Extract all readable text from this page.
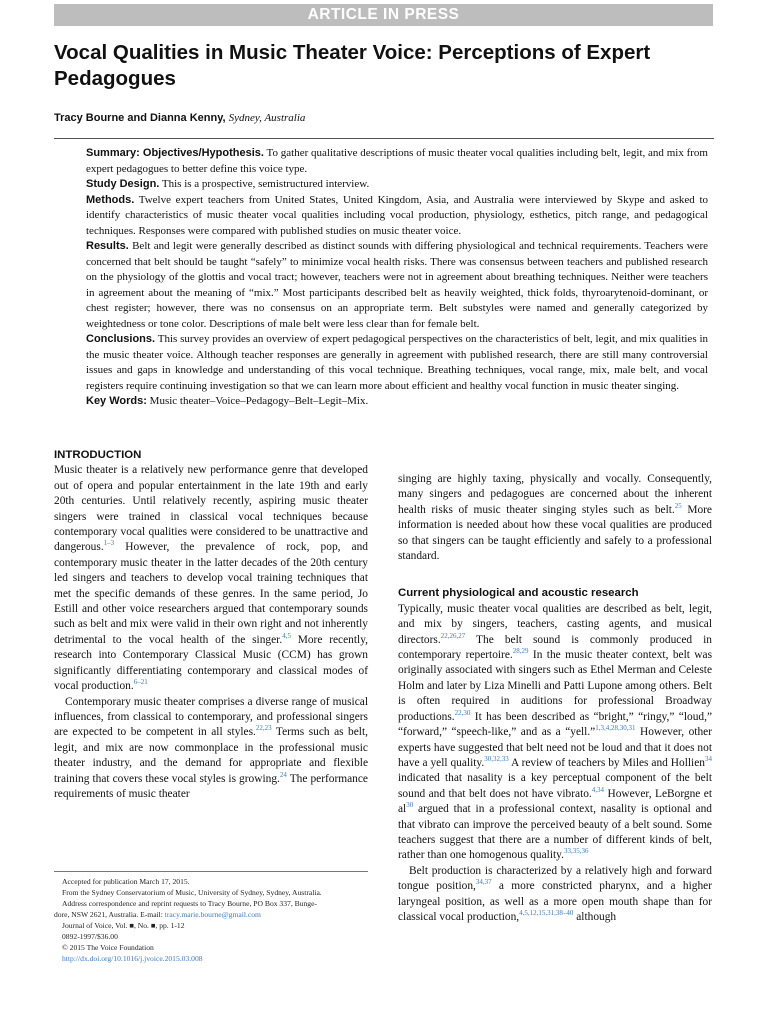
ARTICLE IN PRESS
Vocal Qualities in Music Theater Voice: Perceptions of Expert Pedagogues
Tracy Bourne and Dianna Kenny, Sydney, Australia

Summary: Objectives/Hypothesis. To gather qualitative descriptions of music theater vocal qualities including belt, legit, and mix from expert pedagogues to better define this voice type.

Study Design. This is a prospective, semistructured interview.

Methods. Twelve expert teachers from United States, United Kingdom, Asia, and Australia were interviewed by Skype and asked to identify characteristics of music theater vocal qualities including vocal production, physiology, esthetics, pitch range, and pedagogical techniques. Responses were compared with published studies on music theater voice.

Results. Belt and legit were generally described as distinct sounds with differing physiological and technical requirements. Teachers were concerned that belt should be taught “safely” to minimize vocal health risks. There was consensus between teachers and published research on the physiology of the glottis and vocal tract; however, teachers were not in agreement about breathing techniques. Neither were teachers in agreement about the meaning of “mix.” Most participants described belt as heavily weighted, thick folds, thyroarytenoid-dominant, or chest register; however, there was no consensus on an appropriate term. Belt substyles were named and generally categorized by weightedness or tone color. Descriptions of male belt were less clear than for female belt.

Conclusions. This survey provides an overview of expert pedagogical perspectives on the characteristics of belt, legit, and mix qualities in the music theater voice. Although teacher responses are generally in agreement with published research, there are still many controversial issues and gaps in knowledge and understanding of this vocal technique. Breathing techniques, vocal range, mix, male belt, and vocal registers require continuing investigation so that we can learn more about efficient and healthy vocal function in music theater singing.

Key Words: Music theater–Voice–Pedagogy–Belt–Legit–Mix.

INTRODUCTION

Music theater is a relatively new performance genre that developed out of opera and popular entertainment in the late 19th and early 20th centuries. Until relatively recently, aspiring music theater singers were trained in classical vocal techniques because contemporary vocal qualities were considered to be unattractive and dangerous.$^{1-3}$ However, the prevalence of rock, pop, and contemporary music theater in the latter decades of the 20th century led singers and teachers to develop vocal training techniques that met the specific demands of these genres. In the same period, Jo Estill and other voice researchers argued that contemporary sounds such as belt and mix were valid in their own right and not inherently detrimental to the vocal health of the singer.$^{4,5}$ More recently, research into Contemporary Classical Music (CCM) has grown significantly differentiating contemporary and classical modes of vocal production.$^{6-21}$

Contemporary music theater comprises a diverse range of musical influences, from classical to contemporary, and professional singers are expected to be competent in all styles.$^{22,23}$ Terms such as belt, legit, and mix are now commonplace in the professional music theater industry, and the demand for appropriate and flexible training that covers these vocal styles is growing.$^{24}$ The performance requirements of music theater

singing are highly taxing, physically and vocally. Consequently, many singers and pedagogues are concerned about the inherent health risks of music theater singing styles such as belt.$^{25}$ More information is needed about how these vocal qualities are produced so that singers can be taught efficiently and safely to a professional standard.

Current physiological and acoustic research

Typically, music theater vocal qualities are described as belt, legit, and mix by singers, teachers, casting agents, and musical directors.$^{22,26,27}$ The belt sound is commonly produced in contemporary repertoire.$^{28,29}$ In the music theater context, belt was originally associated with singers such as Ethel Merman and Celeste Holm and later by Liza Minelli and Patti Lupone among others. Belt is often required in auditions for professional Broadway productions.$^{22,30}$ It has been described as “bright,” “ringy,” “loud,” “forward,” “speech-like,” and as a “yell.”$^{1,3,4,28,30,31}$ However, other experts have suggested that belt need not be loud and that it does not have a yell quality.$^{30,32,33}$ A review of teachers by Miles and Hollien$^{34}$ indicated that nasality is a key perceptual component of the belt sound and that belt does not have vibrato.$^{4,34}$ However, LeBorgne et $al^{30}$ argued that in a professional context, nasality is optional and that vibrato can improve the perceived beauty of a belt sound. Some teachers suggest that there are a number of different kinds of belt, rather than one homogenous quality.$^{33,35,36}$

Belt production is characterized by a relatively high and forward tongue position,$^{34,37}$ a more constricted pharynx, and a higher laryngeal position, as well as a more open mouth shape than for classical vocal production,$^{4,5,12,15,31,38-40}$ although

Accepted for publication March 17, 2015.
From the Sydney Conservatorium of Music, University of Sydney, Sydney, Australia.
Address correspondence and reprint requests to Tracy Bourne, PO Box 337, Bunge-
dore, NSW 2621, Australia. E-mail: tracy.marie.bourne@gmail.com
Journal of Voice, Vol. ■, No. ■, pp. 1-12
0892-1997/$36.00
© 2015 The Voice Foundation
http://dx.doi.org/10.1016/j.jvoice.2015.03.008
